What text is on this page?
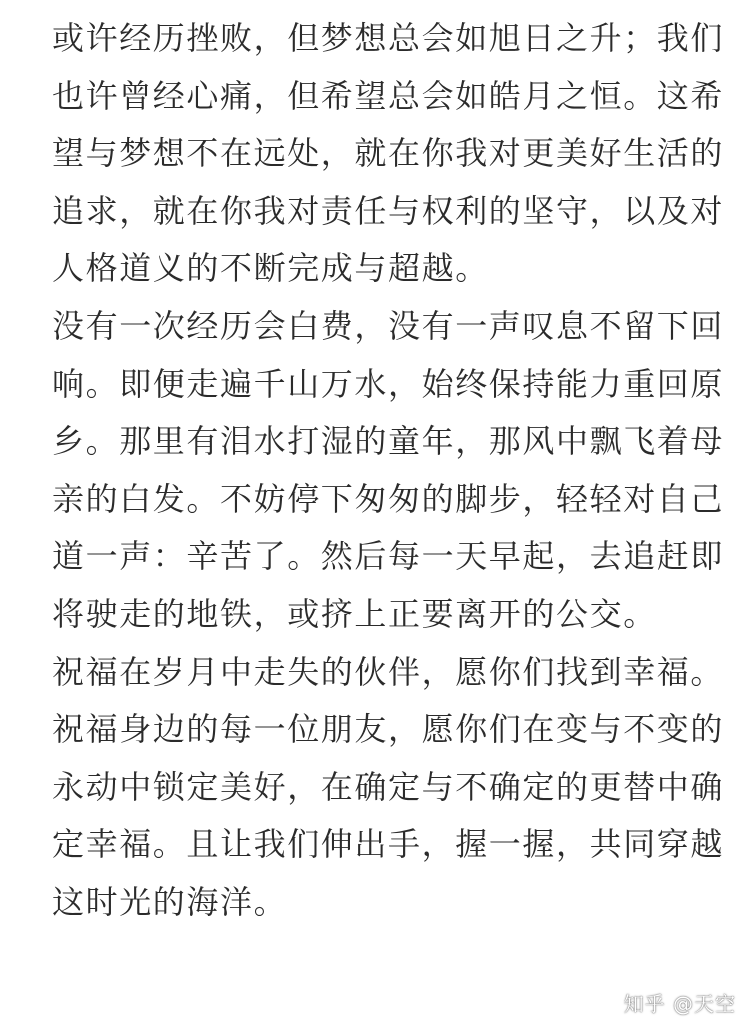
或许经历挫败，但梦想总会如旭日之升；我们
也许曾经心痛，但希望总会如皓月之恒。这希
望与梦想不在远处，就在你我对更美好生活的
追求，就在你我对责任与权利的坚守，以及对
人格道义的不断完成与超越。
没有一次经历会白费，没有一声叹息不留下回
响。即便走遍千山万水，始终保持能力重回原
乡。那里有泪水打湿的童年，那风中飘飞着母
亲的白发。不妨停下匆匆的脚步，轻轻对自己
道一声：辛苦了。然后每一天早起，去追赶即
将驶走的地铁，或挤上正要离开的公交。
祝福在岁月中走失的伙伴，愿你们找到幸福。
祝福身边的每一位朋友，愿你们在变与不变的
永动中锁定美好，在确定与不确定的更替中确
定幸福。且让我们伸出手，握一握，共同穿越
这时光的海洋。
知乎 @天空
